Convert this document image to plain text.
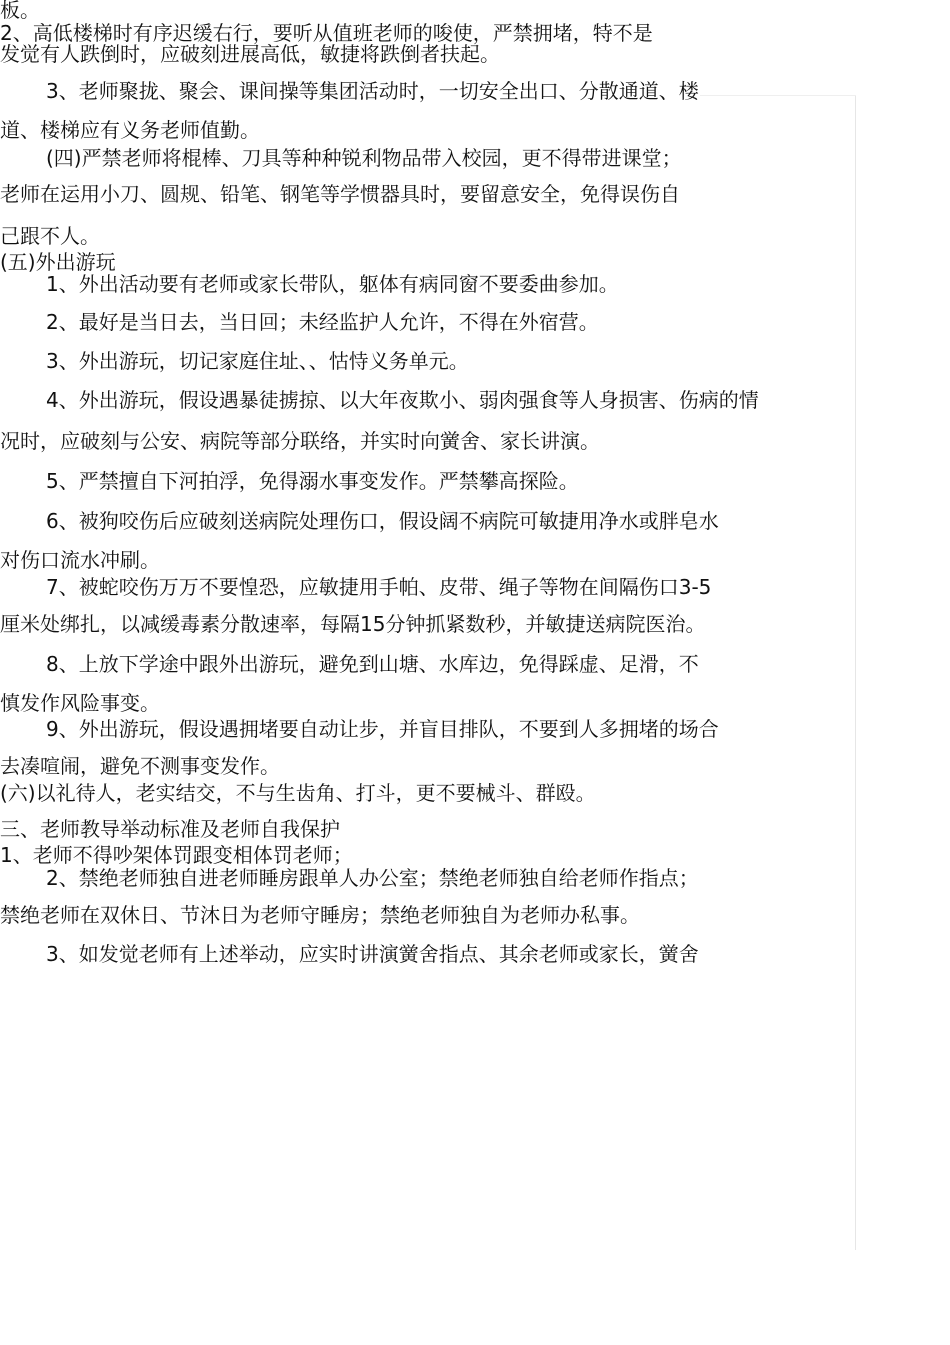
板。
2、高低楼梯时有序迟缓右行，要听从值班老师的唆使，严禁拥堵，特不是
发觉有人跌倒时，应破刻进展高低，敏捷将跌倒者扶起。
3、老师聚拢、聚会、课间操等集团活动时，一切安全出口、分散通道、楼
道、楼梯应有义务老师值勤。
(四)严禁老师将棍棒、刀具等种种锐利物品带入校园，更不得带进课堂；
老师在运用小刀、圆规、铅笔、钢笔等学惯器具时，要留意安全，免得误伤自
己跟不人。
(五)外出游玩
1、外出活动要有老师或家长带队，躯体有病同窗不要委曲参加。
2、最好是当日去，当日回；未经监护人允许，不得在外宿营。
3、外出游玩，切记家庭住址、、怙恃义务单元。
4、外出游玩，假设遇暴徒掳掠、以大年夜欺小、弱肉强食等人身损害、伤病的情
况时，应破刻与公安、病院等部分联络，并实时向黉舍、家长讲演。
5、严禁擅自下河拍浮，免得溺水事变发作。严禁攀高探险。
6、被狗咬伤后应破刻送病院处理伤口，假设阔不病院可敏捷用净水或胖皂水
对伤口流水冲刷。
7、被蛇咬伤万万不要惶恐，应敏捷用手帕、皮带、绳子等物在间隔伤口3-5
厘米处绑扎，以减缓毒素分散速率，每隔15分钟抓紧数秒，并敏捷送病院医治。
8、上放下学途中跟外出游玩，避免到山塘、水库边，免得踩虚、足滑，不
慎发作风险事变。
9、外出游玩，假设遇拥堵要自动让步，并盲目排队，不要到人多拥堵的场合
去凑喧闹，避免不测事变发作。
(六)以礼待人，老实结交，不与生齿角、打斗，更不要械斗、群殴。
三、老师教导举动标准及老师自我保护
1、老师不得吵架体罚跟变相体罚老师；
2、禁绝老师独自进老师睡房跟单人办公室；禁绝老师独自给老师作指点；
禁绝老师在双休日、节沐日为老师守睡房；禁绝老师独自为老师办私事。
3、如发觉老师有上述举动，应实时讲演黉舍指点、其余老师或家长，黉舍
